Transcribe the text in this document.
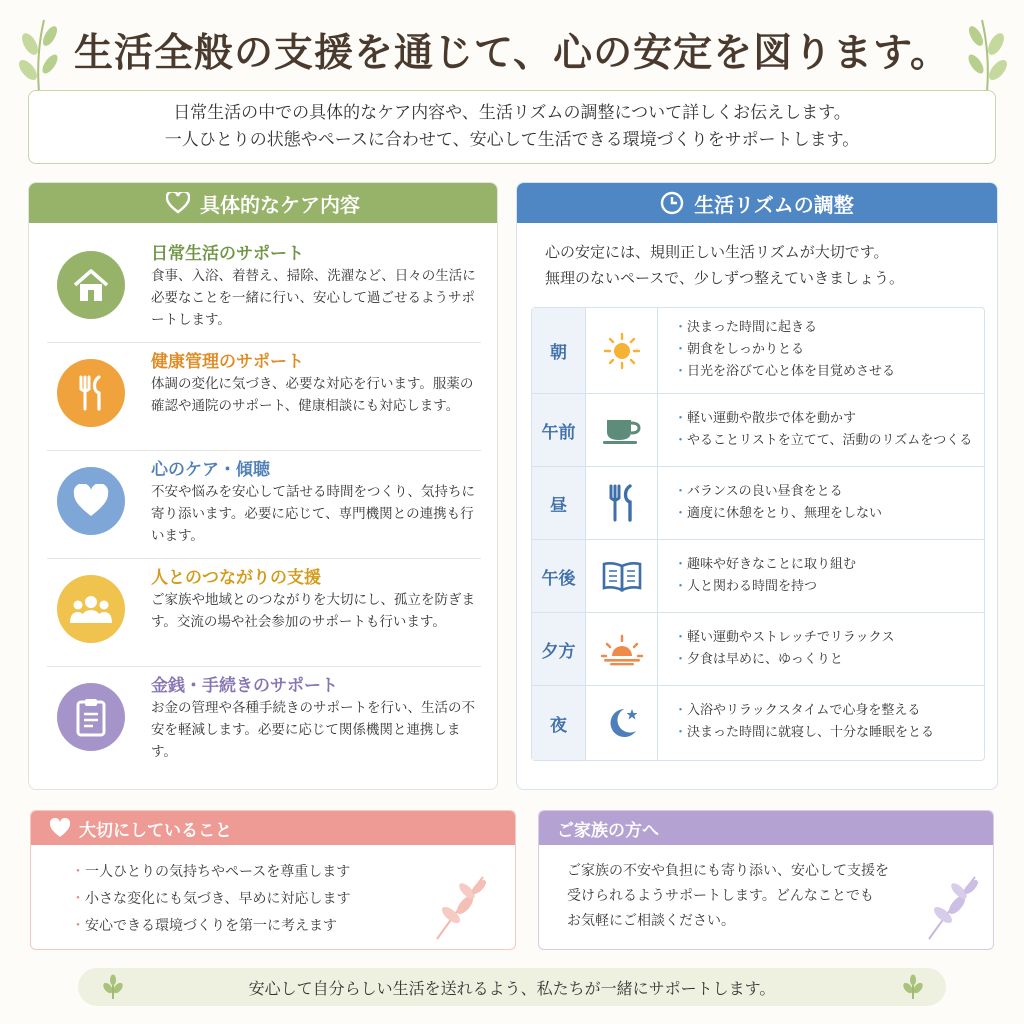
生活全般の支援を通じて、心の安定を図ります。
日常生活の中での具体的なケア内容や、生活リズムの調整について詳しくお伝えします。
一人ひとりの状態やペースに合わせて、安心して生活できる環境づくりをサポートします。
具体的なケア内容
日常生活のサポート
食事、入浴、着替え、掃除、洗濯など、日々の生活に必要なことを一緒に行い、安心して過ごせるようサポートします。
健康管理のサポート
体調の変化に気づき、必要な対応を行います。服薬の確認や通院のサポート、健康相談にも対応します。
心のケア・傾聴
不安や悩みを安心して話せる時間をつくり、気持ちに寄り添います。必要に応じて、専門機関との連携も行います。
人とのつながりの支援
ご家族や地域とのつながりを大切にし、孤立を防ぎます。交流の場や社会参加のサポートも行います。
金銭・手続きのサポート
お金の管理や各種手続きのサポートを行い、生活の不安を軽減します。必要に応じて関係機関と連携します。
生活リズムの調整
心の安定には、規則正しい生活リズムが大切です。
無理のないペースで、少しずつ整えていきましょう。
朝
・ 決まった時間に起きる
・ 朝食をしっかりとる
・ 日光を浴びて心と体を目覚めさせる
午前
・ 軽い運動や散歩で体を動かす
・ やることリストを立てて、活動のリズムをつくる
昼
・ バランスの良い昼食をとる
・ 適度に休憩をとり、無理をしない
午後
・ 趣味や好きなことに取り組む
・ 人と関わる時間を持つ
夕方
・ 軽い運動やストレッチでリラックス
・ 夕食は早めに、ゆっくりと
夜
・ 入浴やリラックスタイムで心身を整える
・ 決まった時間に就寝し、十分な睡眠をとる
大切にしていること
・ 一人ひとりの気持ちやペースを尊重します
・ 小さな変化にも気づき、早めに対応します
・ 安心できる環境づくりを第一に考えます
ご家族の方へ
ご家族の不安や負担にも寄り添い、安心して支援を
受けられるようサポートします。どんなことでも
お気軽にご相談ください。
安心して自分らしい生活を送れるよう、私たちが一緒にサポートします。
